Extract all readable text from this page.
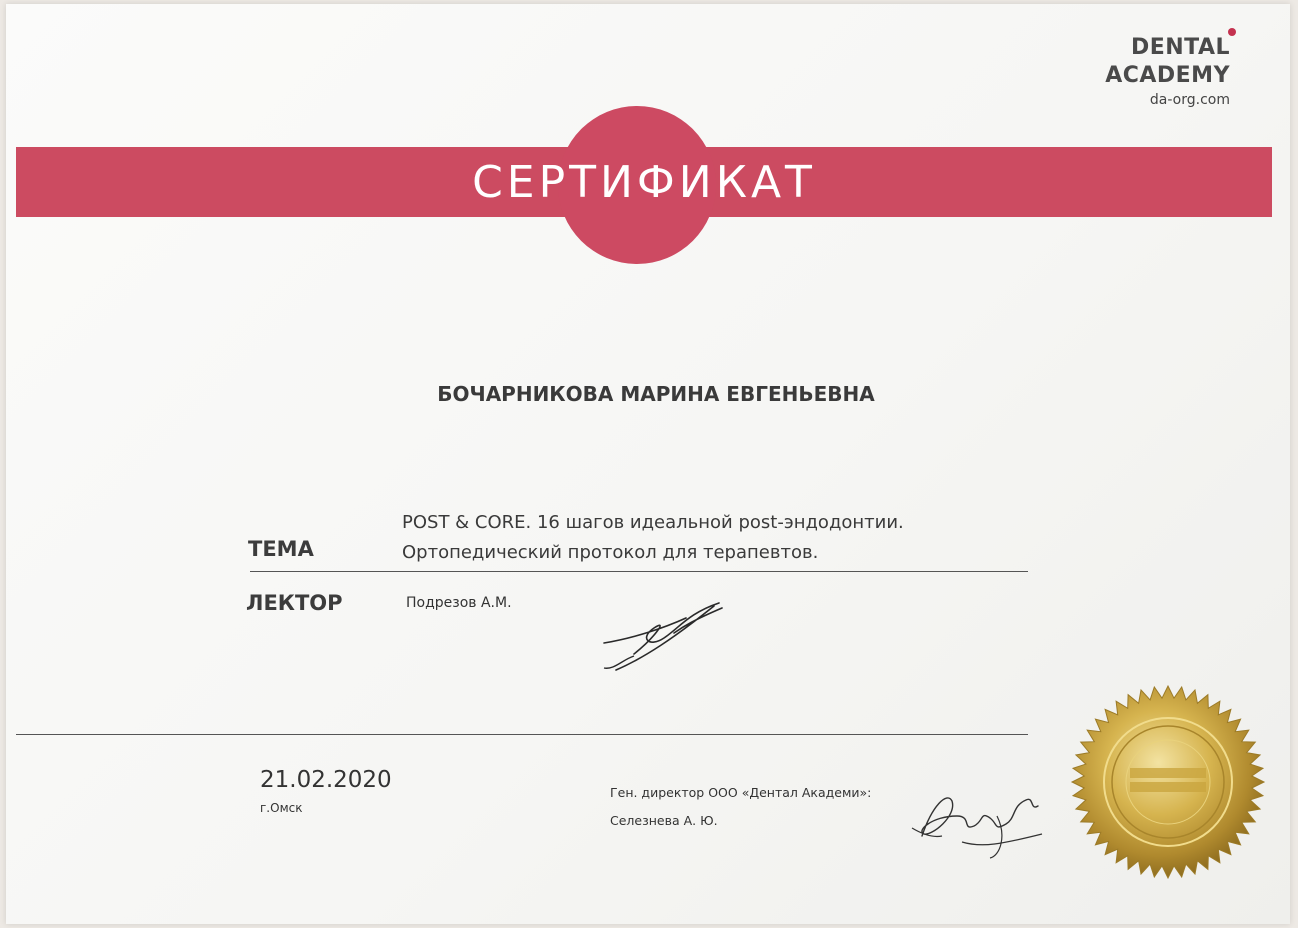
DENTAL
ACADEMY
da-org.com
СЕРТИФИКАТ
БОЧАРНИКОВА МАРИНА ЕВГЕНЬЕВНА
ТЕМА
POST & CORE. 16 шагов идеальной post-эндодонтии.
Ортопедический протокол для терапевтов.
ЛЕКТОР	Подрезов А.М.
21.02.2020
г.Омск
Ген. директор ООО «Дентал Академи»:
Селезнева А. Ю.
